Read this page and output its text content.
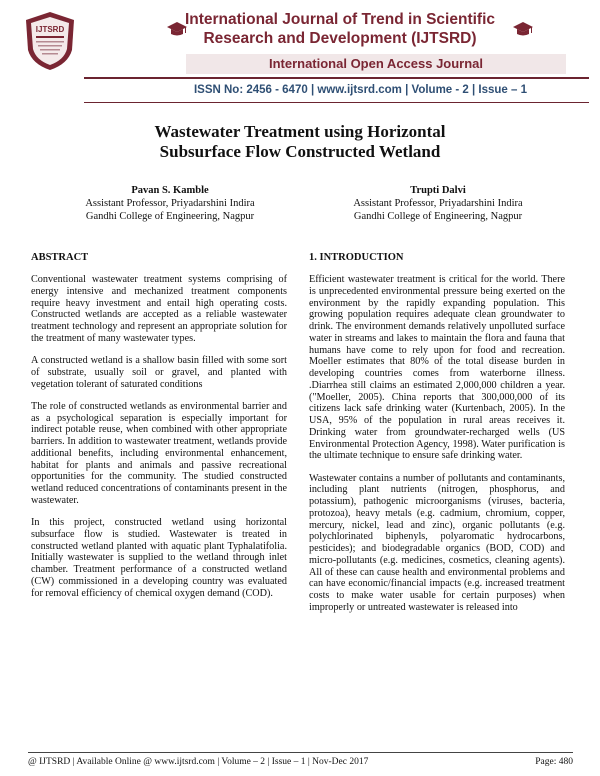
IJTSRD
International Journal of Trend in Scientific
Research and Development (IJTSRD)
International Open Access Journal
ISSN No: 2456 - 6470 | www.ijtsrd.com | Volume - 2 | Issue – 1
Wastewater Treatment using Horizontal
Subsurface Flow Constructed Wetland
Pavan S. Kamble
Assistant Professor, Priyadarshini Indira
Gandhi College of Engineering, Nagpur
Trupti Dalvi
Assistant Professor, Priyadarshini Indira
Gandhi College of Engineering, Nagpur
ABSTRACT	1. INTRODUCTION

Conventional wastewater treatment systems comprising of energy intensive and mechanized treatment components require heavy investment and entail high operating costs. Constructed wetlands are accepted as a reliable wastewater treatment technology and represent an appropriate solution for the treatment of many wastewater types.

A constructed wetland is a shallow basin filled with some sort of substrate, usually soil or gravel, and planted with vegetation tolerant of saturated conditions

The role of constructed wetlands as environmental barrier and as a psychological separation is especially important for indirect potable reuse, when combined with other appropriate barriers. In addition to wastewater treatment, wetlands provide additional benefits, including environmental enhancement, habitat for plants and animals and passive recreational opportunities for the community. The studied constructed wetland reduced concentrations of contaminants present in the wastewater.

In this project, constructed wetland using horizontal subsurface flow is studied. Wastewater is treated in constructed wetland planted with aquatic plant Typhalatifolia. Initially wastewater is supplied to the wetland through inlet chamber. Treatment performance of a constructed wetland (CW) commissioned in a developing country was evaluated for removal efficiency of chemical oxygen demand (COD).

Efficient wastewater treatment is critical for the world. There is unprecedented environmental pressure being exerted on the environment by the rapidly expanding population. This growing population requires adequate clean groundwater to drink. The environment demands relatively unpolluted surface water in streams and lakes to maintain the flora and fauna that humans have come to rely upon for food and recreation. Moeller estimates that 80% of the total disease burden in developing countries comes from waterborne illness. .Diarrhea still claims an estimated 2,000,000 children a year. ("Moeller, 2005). China reports that 300,000,000 of its citizens lack safe drinking water (Kurtenbach, 2005). In the USA, 95% of the population in rural areas receives it. Drinking water from groundwater-recharged wells (US Environmental Protection Agency, 1998). Water purification is the ultimate technique to ensure safe drinking water.

Wastewater contains a number of pollutants and contaminants, including plant nutrients (nitrogen, phosphorus, and potassium), pathogenic microorganisms (viruses, bacteria, protozoa), heavy metals (e.g. cadmium, chromium, copper, mercury, nickel, lead and zinc), organic pollutants (e.g. polychlorinated biphenyls, polyaromatic hydrocarbons, pesticides); and biodegradable organics (BOD, COD) and micro-pollutants (e.g. medicines, cosmetics, cleaning agents). All of these can cause health and environmental problems and can have economic/financial impacts (e.g. increased treatment costs to make water usable for certain purposes) when improperly or untreated wastewater is released into

@ IJTSRD | Available Online @ www.ijtsrd.com | Volume – 2 | Issue – 1 | Nov-Dec 2017	Page: 480
